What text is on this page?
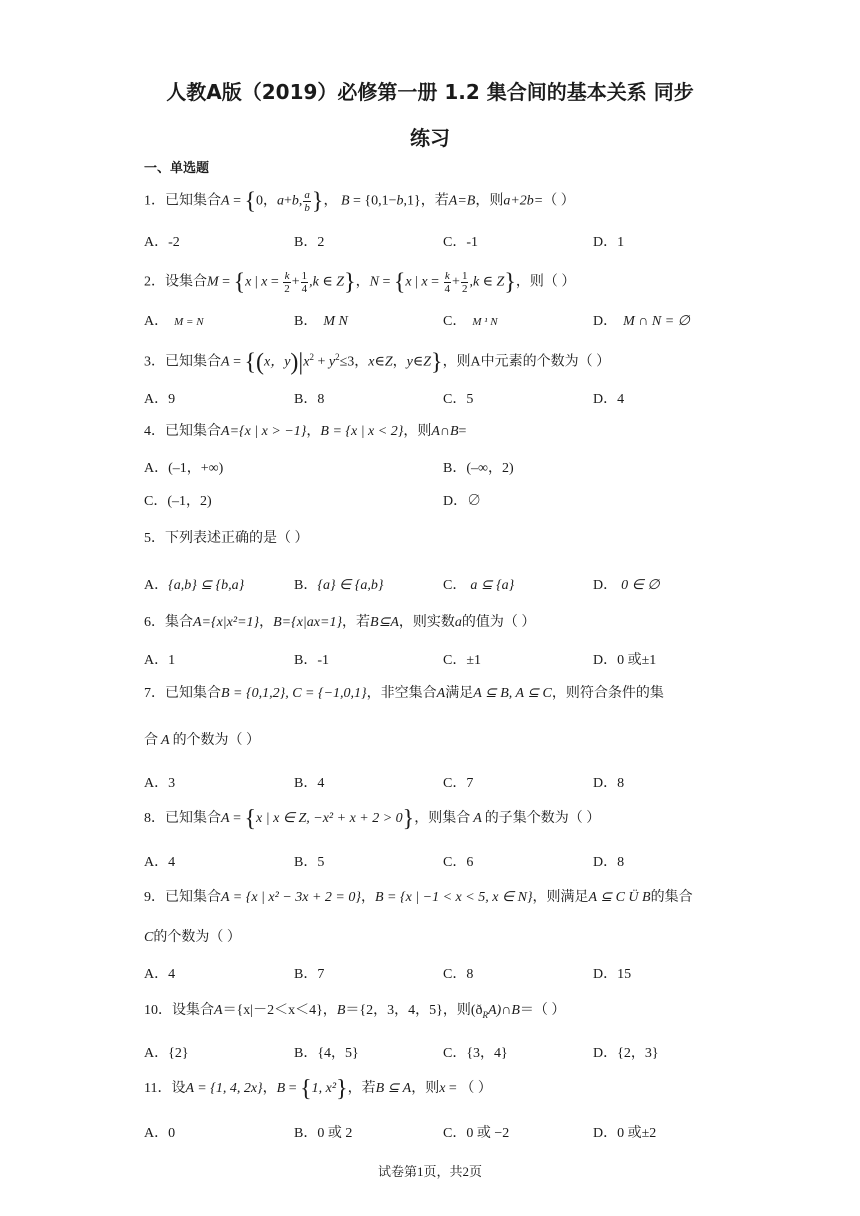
人教A版（2019）必修第一册 1.2 集合间的基本关系 同步
练习
一、单选题
1．已知集合A = {0，a+b, $\frac{a}{b}$ }， B = {0,1−b,1}，若A=B，则a+2b=（ ）
A．-2	B．2	C．-1	D．1
2．设集合M = {x | $x = \frac{k}{2} + \frac{1}{4} ,k$ ∈ Z}，N = {x | $x = \frac{k}{4} + \frac{1}{2} ,k$ ∈ Z}，则（ ）
A． M = N	B． M N	C． M ¹ N	D． M ∩ N = ∅
3．已知集合A = {(x，$y)|x^2 + y^2\le 3$，x∈Z，y∈Z}，则A中元素的个数为（ ）
A．9	B．8	C．5	D．4
4．已知集合A={x | x > −1}，B = {x | x < 2}，则A∩B=
A．(–1，+∞)	B．(–∞，2)
C．(–1，2)	D．∅
5．下列表述正确的是（ ）
A．{a,b} ⊆ {b,a}	B．{a} ∈ {a,b}	C． a ⊆ {a}	D． 0 ∈ ∅
6．集合A={x|x²=1}，B={x|ax=1}，若B⊆A，则实数a的值为（ ）
A．1	B．-1	C．±1	D．0 或±1
7．已知集合B = {0,1,2}, C = {−1,0,1}，非空集合A满足A ⊆ B, A ⊆ C，则符合条件的集
合 A 的个数为（ ）
A．3	B．4	C．7	D．8
8．已知集合A = {x | x ∈ Z, −x² + x + 2 > 0}，则集合 A 的子集个数为（ ）
A．4	B．5	C．6	D．8
9．已知集合A = {x | x² − 3x + 2 = 0}，B = {x | −1 < x < 5, x ∈ N}，则满足A ⊆ C Ü B的集合
C的个数为（ ）
A．4	B．7	C．8	D．15
10．设集合A＝{x|－2＜x＜4}，B＝{2，3，4，5}，则$(ð_RA)\cap B=$（ ）
A．{2}	B．{4，5}	C．{3，4}	D．{2，3}
11．设A = {1, 4, 2x}，B = {1, x²}，若B ⊆ A，则x = （ ）
A．0	B．0 或 2	C．0 或 −2	D．0 或±2
试卷第1页，共2页
